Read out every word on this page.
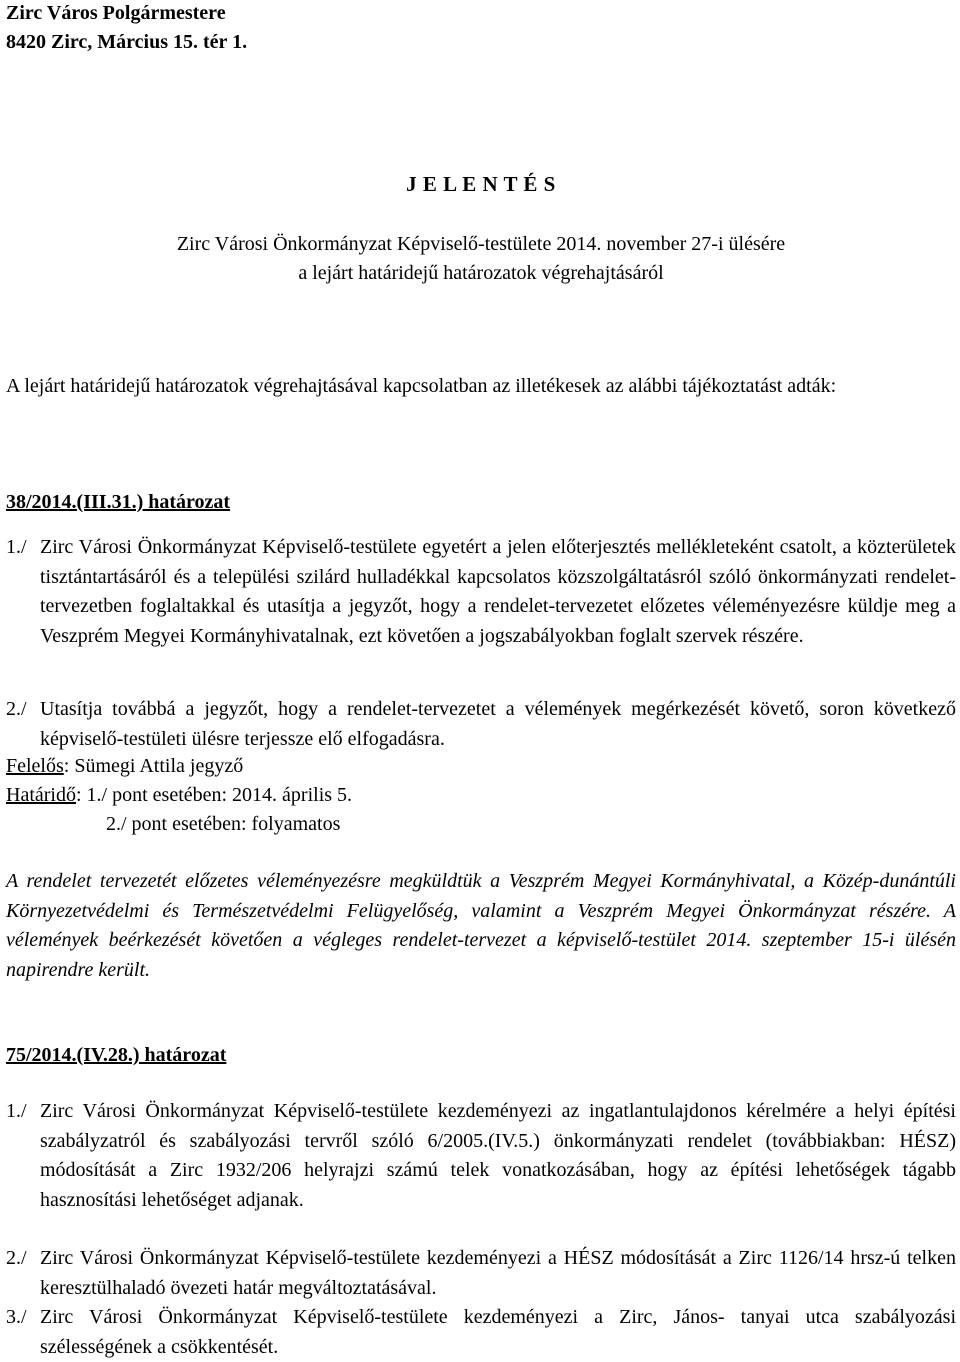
Zirc Város Polgármestere
8420 Zirc, Március 15. tér 1.
J E L E N T É S
Zirc Városi Önkormányzat Képviselő-testülete 2014. november 27-i ülésére
a lejárt határidejű határozatok végrehajtásáról
A lejárt határidejű határozatok végrehajtásával kapcsolatban az illetékesek az alábbi tájékoztatást adták:
38/2014.(III.31.) határozat
1./ Zirc Városi Önkormányzat Képviselő-testülete egyetért a jelen előterjesztés mellékleteként csatolt, a közterületek tisztántartásáról és a települési szilárd hulladékkal kapcsolatos közszolgáltatásról szóló önkormányzati rendelet-tervezetben foglaltakkal és utasítja a jegyzőt, hogy a rendelet-tervezetet előzetes véleményezésre küldje meg a Veszprém Megyei Kormányhivatalnak, ezt követően a jogszabályokban foglalt szervek részére.
2./ Utasítja továbbá a jegyzőt, hogy a rendelet-tervezetet a vélemények megérkezését követő, soron következő képviselő-testületi ülésre terjessze elő elfogadásra.
Felelős: Sümegi Attila jegyző
Határidő: 1./ pont esetében: 2014. április 5.
2./ pont esetében: folyamatos
A rendelet tervezetét előzetes véleményezésre megküldtük a Veszprém Megyei Kormányhivatal, a Közép-dunántúli Környezetvédelmi és Természetvédelmi Felügyelőség, valamint a Veszprém Megyei Önkormányzat részére. A vélemények beérkezését követően a végleges rendelet-tervezet a képviselő-testület 2014. szeptember 15-i ülésén napirendre került.
75/2014.(IV.28.) határozat
1./ Zirc Városi Önkormányzat Képviselő-testülete kezdeményezi az ingatlantulajdonos kérelmére a helyi építési szabályzatról és szabályozási tervről szóló 6/2005.(IV.5.) önkormányzati rendelet (továbbiakban: HÉSZ) módosítását a Zirc 1932/206 helyrajzi számú telek vonatkozásában, hogy az építési lehetőségek tágabb hasznosítási lehetőséget adjanak.
2./ Zirc Városi Önkormányzat Képviselő-testülete kezdeményezi a HÉSZ módosítását a Zirc 1126/14 hrsz-ú telken keresztülhaladó övezeti határ megváltoztatásával.
3./ Zirc Városi Önkormányzat Képviselő-testülete kezdeményezi a Zirc, János- tanyai utca szabályozási szélességének a csökkentését.
